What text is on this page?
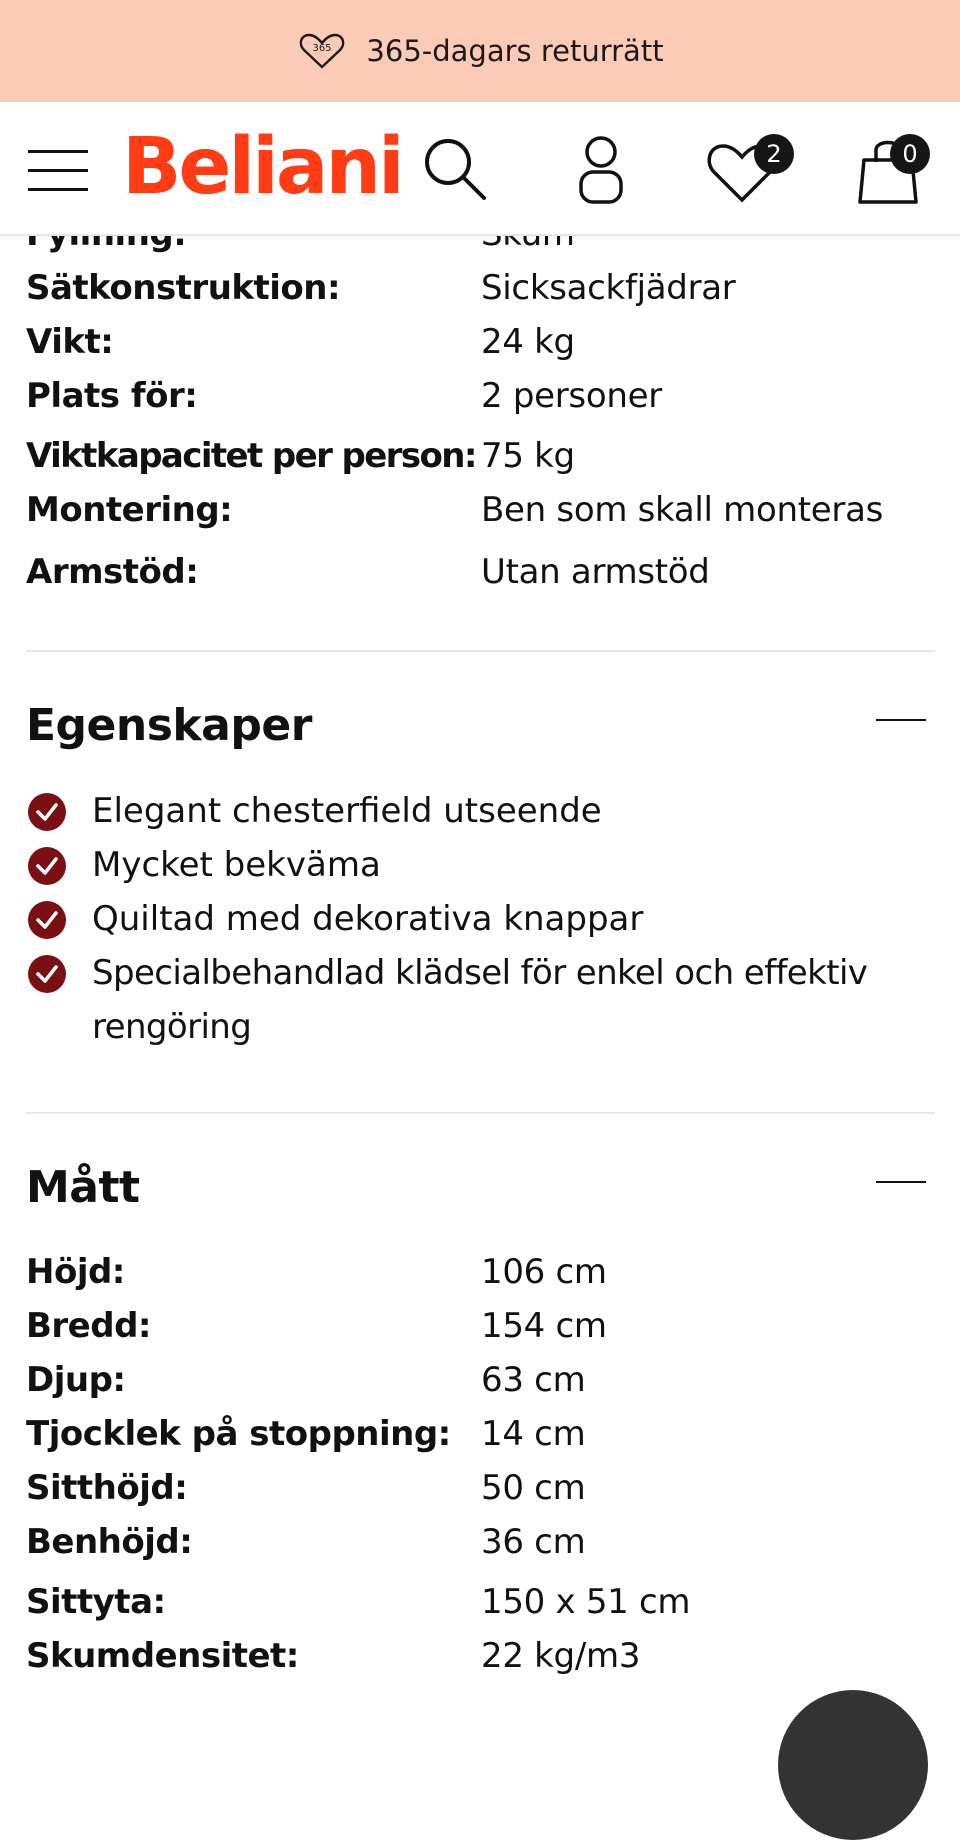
365 365-dagars returrätt
Beliani	2	0
Sätkonstruktion:	Sicksackfjädrar
Vikt:	24 kg
Plats för:	2 personer
Viktkapacitet per person: 75 kg
Montering:	Ben som skall monteras
Armstöd:	Utan armstöd
Egenskaper
Elegant chesterfield utseende
Mycket bekväma
Quiltad med dekorativa knappar
Specialbehandlad klädsel för enkel och effektiv rengöring
Mått
Höjd:	106 cm
Bredd:	154 cm
Djup:	63 cm
Tjocklek på stoppning: 14 cm
Sitthöjd:	50 cm
Benhöjd:	36 cm
Sittyta:	150 x 51 cm
Skumdensitet:	22 kg/m3
